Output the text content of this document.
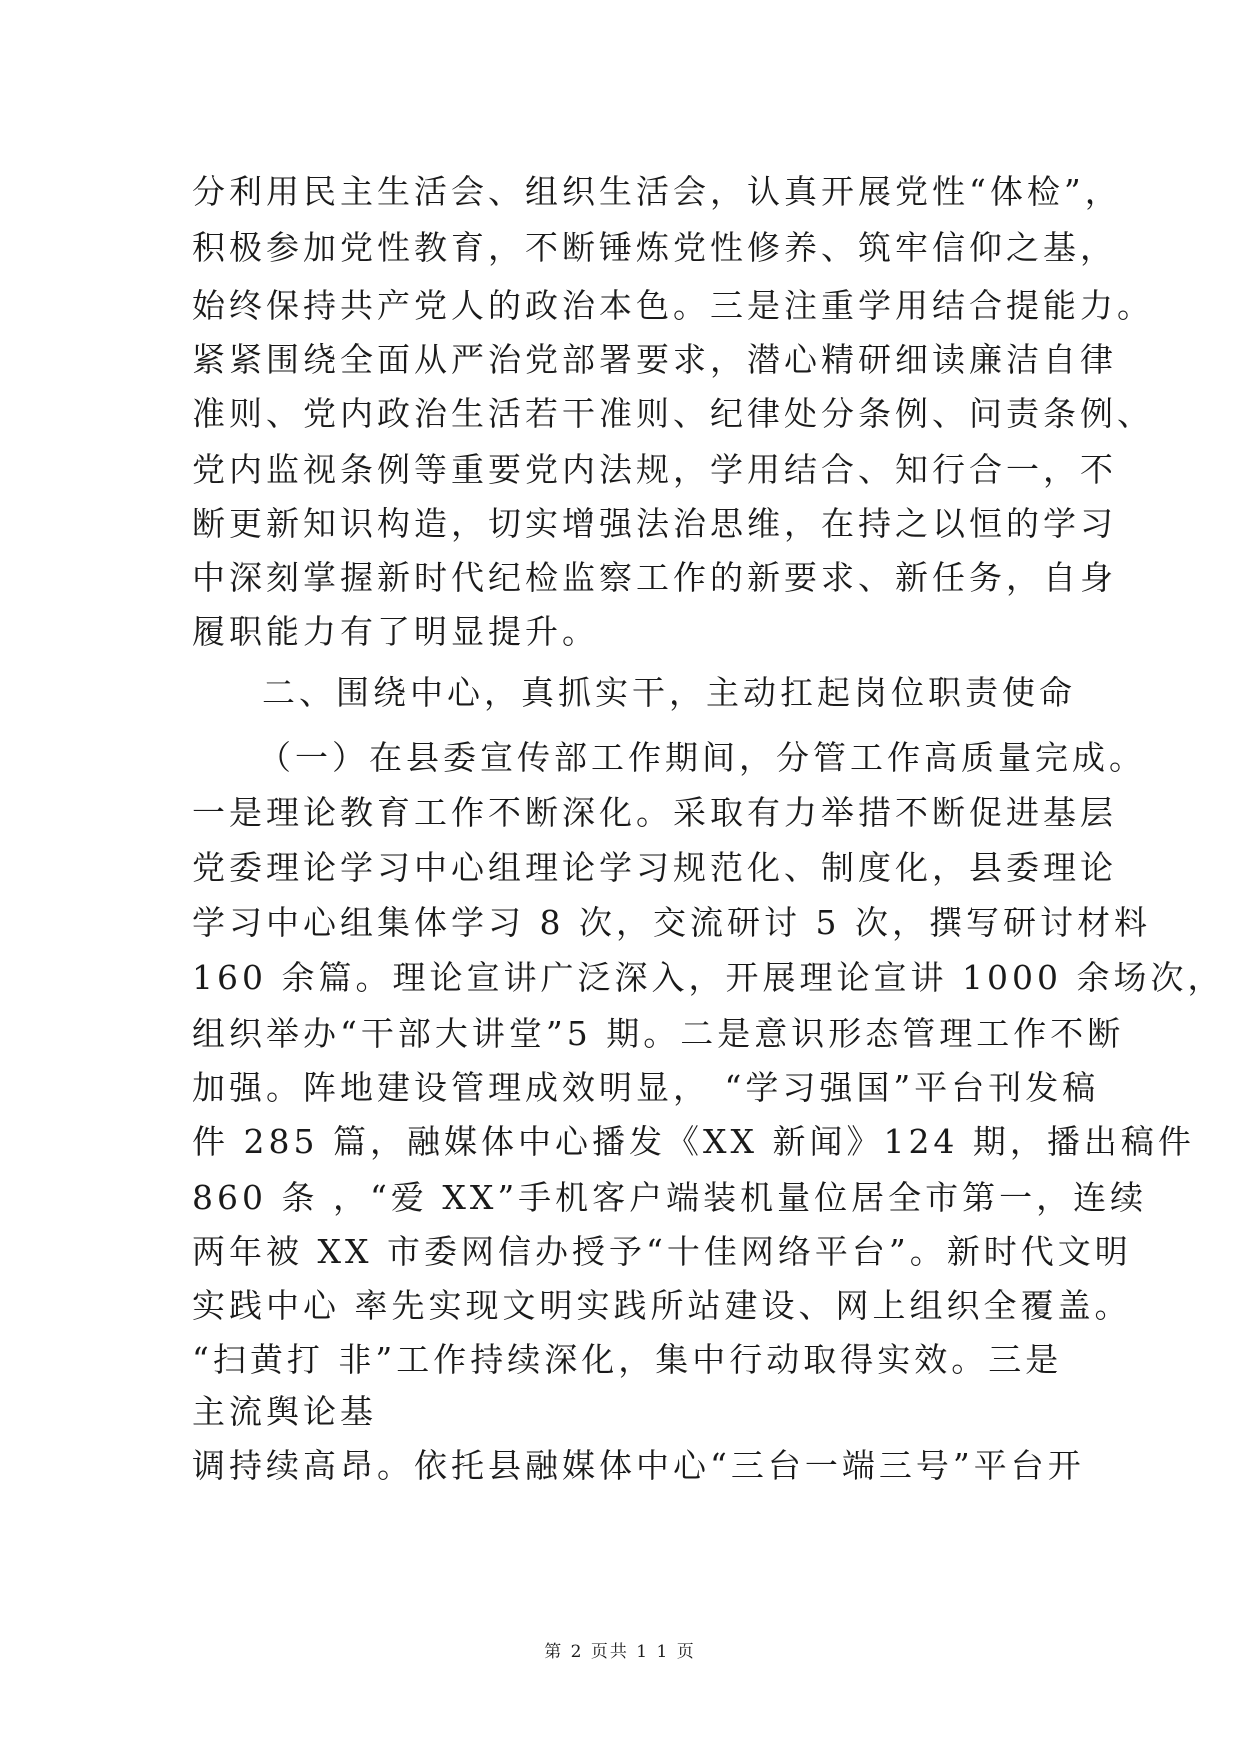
分利用民主生活会、组织生活会，认真开展党性“体检”，
积极参加党性教育，不断锤炼党性修养、筑牢信仰之基，
始终保持共产党人的政治本色。三是注重学用结合提能力。
紧紧围绕全面从严治党部署要求，潜心精研细读廉洁自律
准则、党内政治生活若干准则、纪律处分条例、问责条例、
党内监视条例等重要党内法规，学用结合、知行合一，不
断更新知识构造，切实增强法治思维，在持之以恒的学习
中深刻掌握新时代纪检监察工作的新要求、新任务，自身
履职能力有了明显提升。
二、围绕中心，真抓实干，主动扛起岗位职责使命
（一）在县委宣传部工作期间，分管工作高质量完成。
一是理论教育工作不断深化。采取有力举措不断促进基层
党委理论学习中心组理论学习规范化、制度化，县委理论
学习中心组集体学习 8 次，交流研讨 5 次，撰写研讨材料
160 余篇。理论宣讲广泛深入，开展理论宣讲 1000 余场次，
组织举办“干部大讲堂”5 期。二是意识形态管理工作不断
加强。阵地建设管理成效明显， “学习强国”平台刊发稿
件 285 篇，融媒体中心播发《XX 新闻》124 期，播出稿件
860 条 ，“爱 XX”手机客户端装机量位居全市第一，连续
两年被 XX 市委网信办授予“十佳网络平台”。新时代文明
实践中心 率先实现文明实践所站建设、网上组织全覆盖。
“扫黄打 非”工作持续深化，集中行动取得实效。三是
主流舆论基
调持续高昂。依托县融媒体中心“三台一端三号”平台开
第 2 页共 1 1 页
